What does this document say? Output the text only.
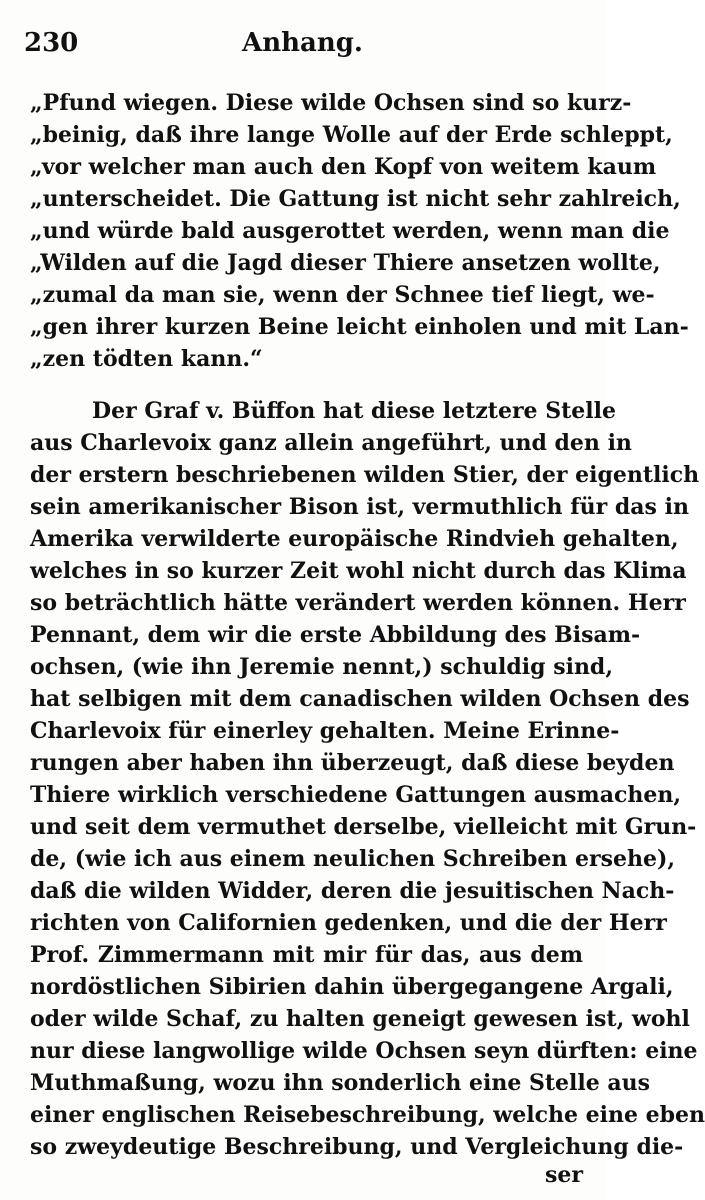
230	Anhang.
„Pfund wiegen. Diese wilde Ochsen sind so kurz-
„beinig, daß ihre lange Wolle auf der Erde schleppt,
„vor welcher man auch den Kopf von weitem kaum
„unterscheidet. Die Gattung ist nicht sehr zahlreich,
„und würde bald ausgerottet werden, wenn man die
„Wilden auf die Jagd dieser Thiere ansetzen wollte,
„zumal da man sie, wenn der Schnee tief liegt, we-
„gen ihrer kurzen Beine leicht einholen und mit Lan-
„zen tödten kann.“
Der Graf v. Büffon hat diese letztere Stelle
aus Charlevoix ganz allein angeführt, und den in
der erstern beschriebenen wilden Stier, der eigentlich
sein amerikanischer Bison ist, vermuthlich für das in
Amerika verwilderte europäische Rindvieh gehalten,
welches in so kurzer Zeit wohl nicht durch das Klima
so beträchtlich hätte verändert werden können. Herr
Pennant, dem wir die erste Abbildung des Bisam-
ochsen, (wie ihn Jeremie nennt,) schuldig sind,
hat selbigen mit dem canadischen wilden Ochsen des
Charlevoix für einerley gehalten. Meine Erinne-
rungen aber haben ihn überzeugt, daß diese beyden
Thiere wirklich verschiedene Gattungen ausmachen,
und seit dem vermuthet derselbe, vielleicht mit Grun-
de, (wie ich aus einem neulichen Schreiben ersehe),
daß die wilden Widder, deren die jesuitischen Nach-
richten von Californien gedenken, und die der Herr
Prof. Zimmermann mit mir für das, aus dem
nordöstlichen Sibirien dahin übergegangene Argali,
oder wilde Schaf, zu halten geneigt gewesen ist, wohl
nur diese langwollige wilde Ochsen seyn dürften: eine
Muthmaßung, wozu ihn sonderlich eine Stelle aus
einer englischen Reisebeschreibung, welche eine eben
so zweydeutige Beschreibung, und Vergleichung die-
ser
